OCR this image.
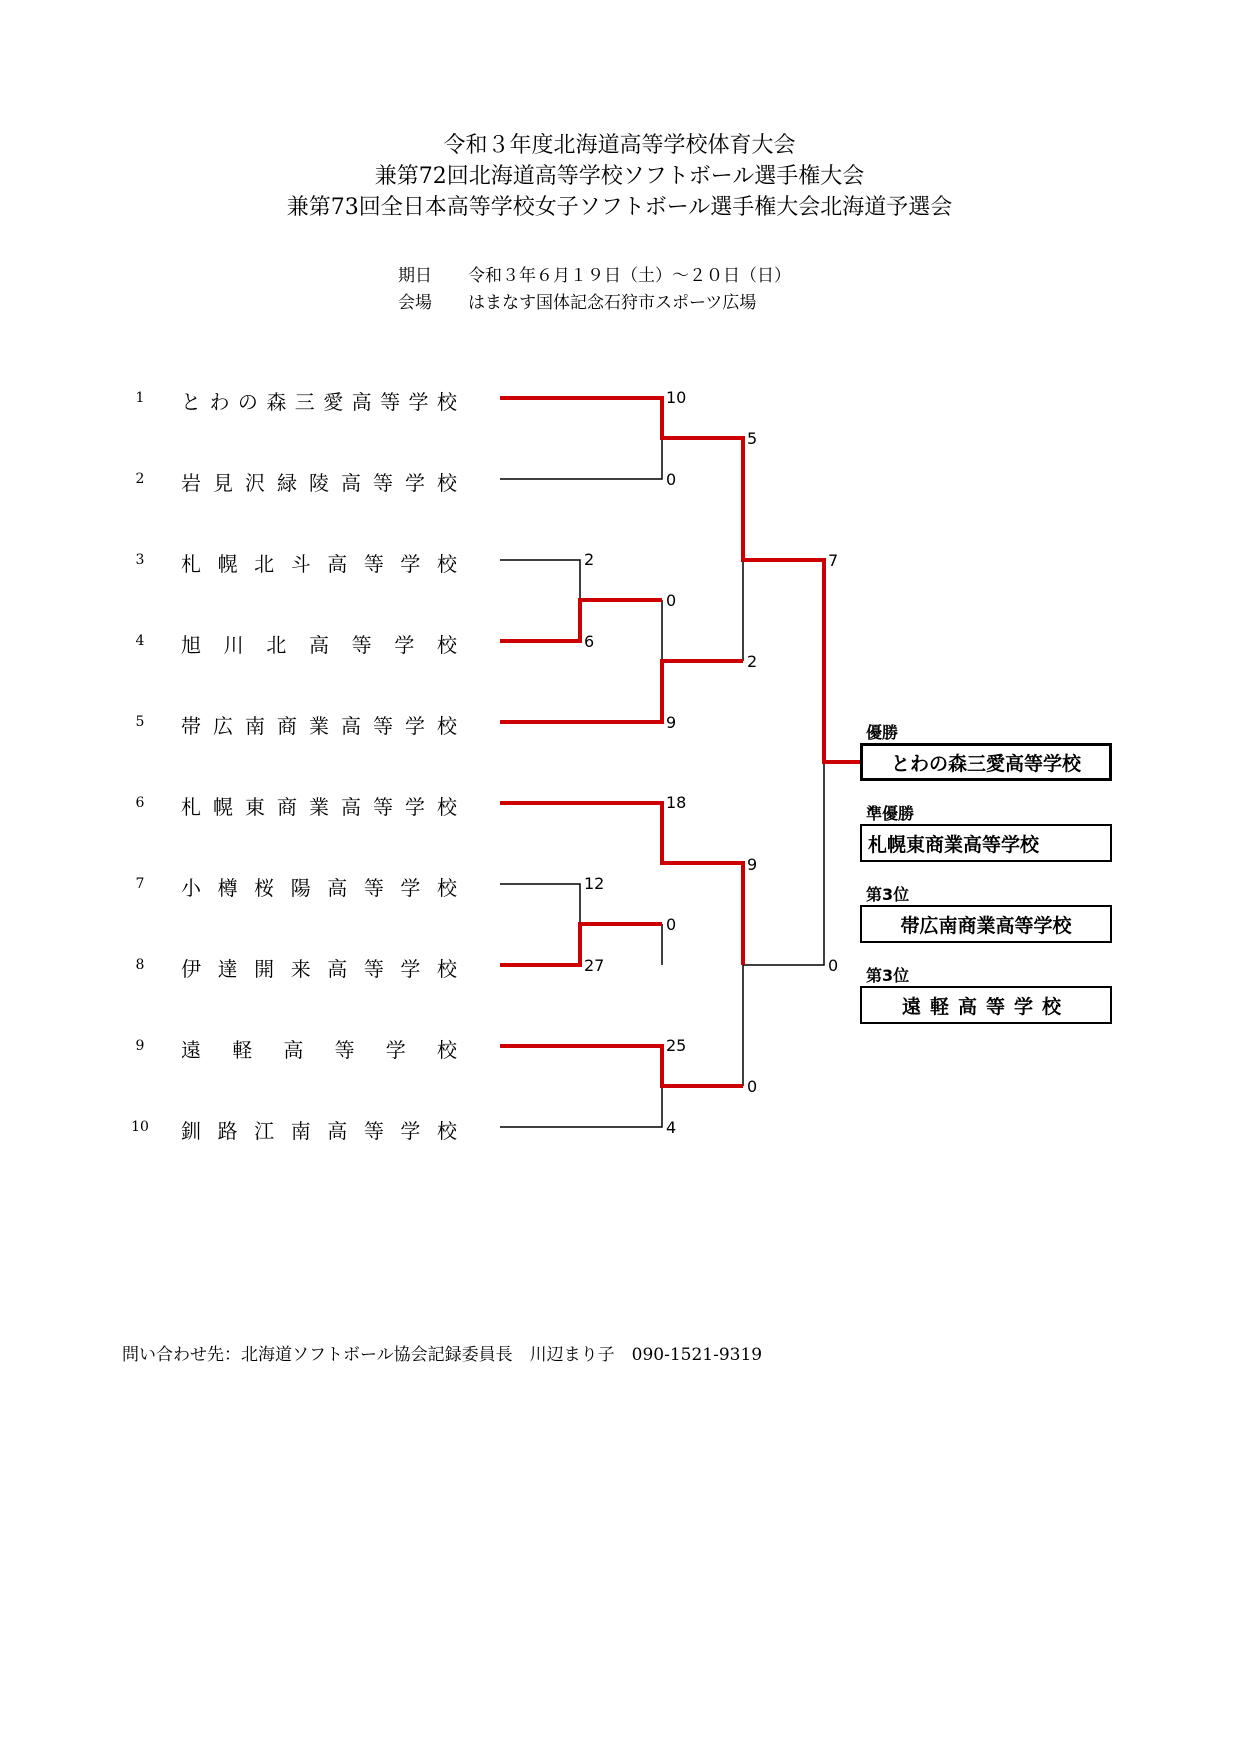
令和３年度北海道高等学校体育大会

兼第72回北海道高等学校ソフトボール選手権大会

兼第73回全日本高等学校女子ソフトボール選手権大会北海道予選会

期日 令和３年６月１９日（土）～２０日（日）
会場 はまなす国体記念石狩市スポーツ広場
1	とわの森三愛高等学校
2	岩見沢緑陵高等学校
3	札幌北斗高等学校
4	旭川北高等学校
5	帯広南商業高等学校
6	札幌東商業高等学校
7	小樽桜陽高等学校
8	伊達開来高等学校
9	遠軽高等学校
10	釧路江南高等学校
10
0
2
6
0
9
5
2
7
18
12
27
0
9
25
4
0
0
優勝
とわの森三愛高等学校
準優勝
札幌東商業高等学校
第3位
帯広南商業高等学校
第3位
遠軽高等学校
問い合わせ先：北海道ソフトボール協会記録委員長　川辺まり子　090-1521-9319
